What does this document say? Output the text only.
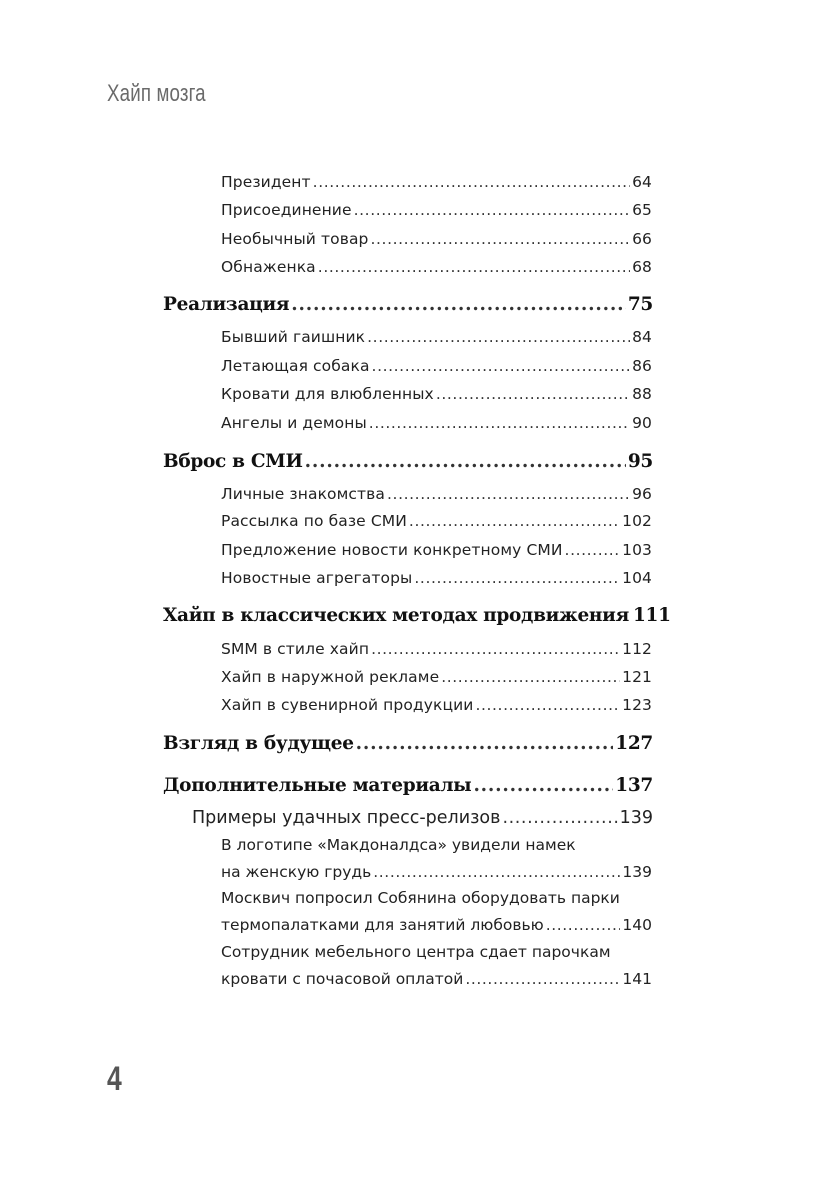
Хайп мозга
Президент .....	64
Присоединение .....	65
Необычный товар .....	66
Обнаженка .....	68
Реализация .....	75
Бывший гаишник .....	84
Летающая собака .....	86
Кровати для влюбленных .....	88
Ангелы и демоны .....	90
Вброс в СМИ .....	95
Личные знакомства .....	96
Рассылка по базе СМИ .....	102
Предложение новости конкретному СМИ .....	103
Новостные агрегаторы .....	104
Хайп в классических методах продвижения 111
SMM в стиле хайп .....	112
Хайп в наружной рекламе .....	121
Хайп в сувенирной продукции .....	123
Взгляд в будущее .....	127
Дополнительные материалы .....	137
Примеры удачных пресс-релизов .....	139
В логотипе «Макдоналдса» увидели намек
на женскую грудь .....	139
Москвич попросил Собянина оборудовать парки
термопалатками для занятий любовью .....	140
Сотрудник мебельного центра сдает парочкам
кровати с почасовой оплатой .....	141
4
